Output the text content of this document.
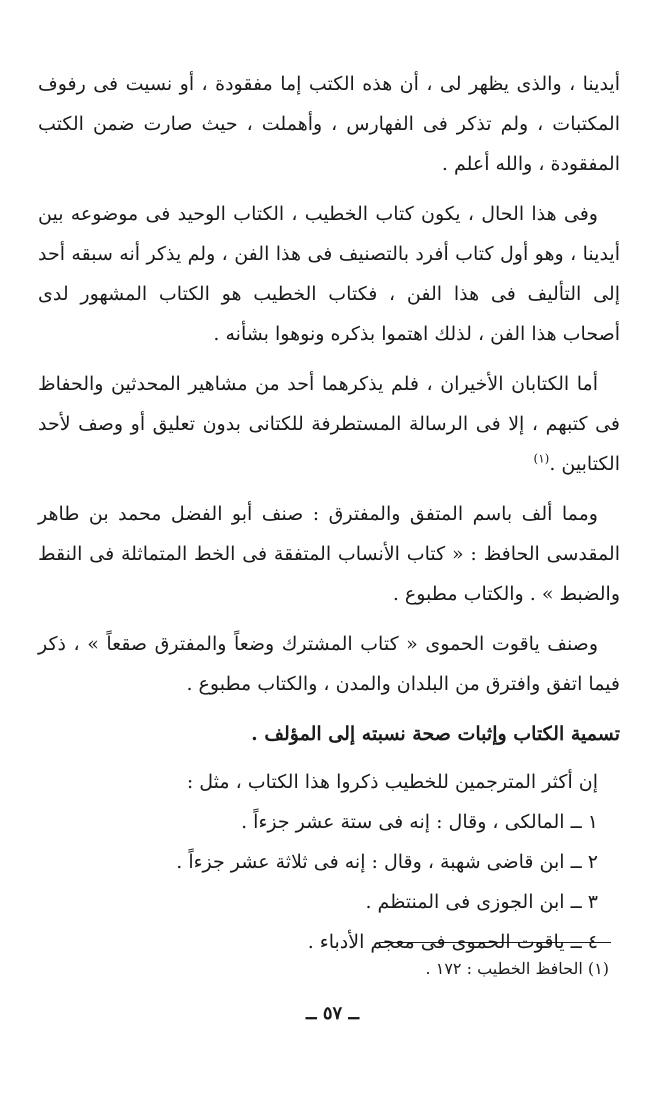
أيدينا ، والذى يظهر لى ، أن هذه الكتب إما مفقودة ، أو نسيت فى رفوف المكتبات ، ولم تذكر فى الفهارس ، وأهملت ، حيث صارت ضمن الكتب المفقودة ، والله أعلم .

وفى هذا الحال ، يكون كتاب الخطيب ، الكتاب الوحيد فى موضوعه بين أيدينا ، وهو أول كتاب أفرد بالتصنيف فى هذا الفن ، ولم يذكر أنه سبقه أحد إلى التأليف فى هذا الفن ، فكتاب الخطيب هو الكتاب المشهور لدى أصحاب هذا الفن ، لذلك اهتموا بذكره ونوهوا بشأنه .

أما الكتابان الأخيران ، فلم يذكرهما أحد من مشاهير المحدثين والحفاظ فى كتبهم ، إلا فى الرسالة المستطرفة للكتانى بدون تعليق أو وصف لأحد الكتابين .$^{(١)}$

ومما ألف باسم المتفق والمفترق : صنف أبو الفضل محمد بن طاهر المقدسى الحافظ : « كتاب الأنساب المتفقة فى الخط المتماثلة فى النقط والضبط » . والكتاب مطبوع .

وصنف ياقوت الحموى « كتاب المشترك وضعاً والمفترق صقعاً » ، ذكر فيما اتفق وافترق من البلدان والمدن ، والكتاب مطبوع .

تسمية الكتاب وإثبات صحة نسبته إلى المؤلف .

إن أكثر المترجمين للخطيب ذكروا هذا الكتاب ، مثل :

١ ــ المالكى ، وقال : إنه فى ستة عشر جزءاً .
٢ ــ ابن قاضى شهبة ، وقال : إنه فى ثلاثة عشر جزءاً .
٣ ــ ابن الجوزى فى المنتظم .
٤ ــ ياقوت الحموى فى معجم الأدباء .
(١) الحافظ الخطيب : ١٧٢ .
ــ ٥٧ ــ
